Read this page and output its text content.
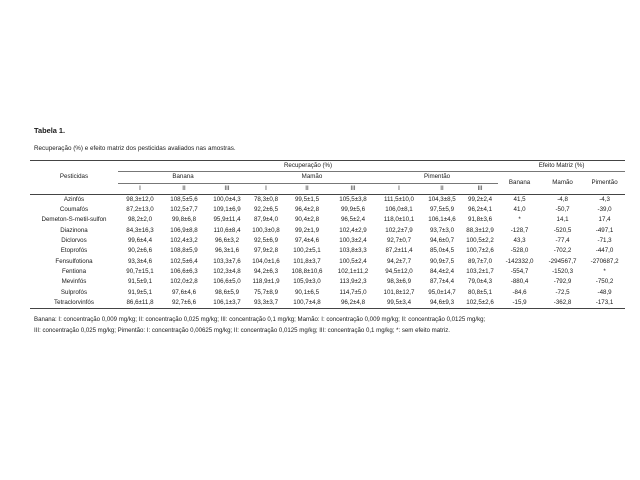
Tabela 1.
Recuperação (%) e efeito matriz dos pesticidas avaliados nas amostras.
Pesticidas	Recuperação (%)									Efeito Matriz (%)		
	Banana			Mamão			Pimentão			Banana	Mamão	Pimentão
	I	II	III	I	II	III	I	II	III			
Azinfós	98,3±12,0	108,5±5,6	100,0±4,3	78,3±0,8	99,5±1,5	105,5±3,8	111,5±10,0	104,3±8,5	99,2±2,4	41,5	-4,8	-4,3
Coumafós	87,2±13,0	102,5±7,7	109,1±6,9	92,2±6,5	96,4±2,8	99,9±5,6	106,0±8,1	97,5±5,9	96,2±4,1	41,0	-50,7	-39,0
Demeton-S-metil-sulfon	98,2±2,0	99,8±6,8	95,9±11,4	87,9±4,0	90,4±2,8	96,5±2,4	118,0±10,1	106,1±4,6	91,8±3,6	*	14,1	17,4
Diazinona	84,3±16,3	106,9±8,8	110,6±8,4	100,3±0,8	99,2±1,9	102,4±2,9	102,2±7,9	93,7±3,0	88,3±12,9	-128,7	-520,5	-497,1
Diclorvos	99,6±4,4	102,4±3,2	96,6±3,2	92,5±6,9	97,4±4,6	100,3±2,4	92,7±0,7	94,6±0,7	100,5±2,2	43,3	-77,4	-71,3
Etoprofós	90,2±6,6	108,8±5,9	96,3±1,6	97,9±2,8	100,2±5,1	103,8±3,3	87,2±11,4	85,0±4,5	100,7±2,6	-528,0	-702,2	-447,0
Fensulfotiona	93,3±4,6	102,5±6,4	103,3±7,6	104,0±1,6	101,8±3,7	100,5±2,4	94,2±7,7	90,9±7,5	89,7±7,0	-142332,0	-294567,7	-270687,2
Fentiona	90,7±15,1	106,6±6,3	102,3±4,8	94,2±6,3	108,8±10,6	102,1±11,2	94,5±12,0	84,4±2,4	103,2±1,7	-554,7	-1520,3	*
Mevinfós	91,5±9,1	102,0±2,8	106,6±5,0	118,9±1,9	105,9±3,0	113,9±2,3	98,3±6,9	87,7±4,4	79,0±4,3	-880,4	-792,9	-750,2
Sulprofós	91,9±5,1	97,6±4,6	98,6±5,9	75,7±8,9	90,1±6,5	114,7±5,0	101,8±12,7	95,0±14,7	80,8±5,1	-84,6	-72,5	-48,9
Tetraclorvinfós	86,6±11,8	92,7±6,6	106,1±3,7	93,3±3,7	100,7±4,8	96,2±4,8	99,5±3,4	94,6±9,3	102,5±2,6	-15,9	-362,8	-173,1
Banana: I: concentração 0,009 mg/kg; II: concentração 0,025 mg/kg; III: concentração 0,1 mg/kg; Mamão: I: concentração 0,009 mg/kg; II: concentração 0,0125 mg/kg;
III: concentração 0,025 mg/kg; Pimentão: I: concentração 0,00625 mg/kg; II: concentração 0,0125 mg/kg; III: concentração 0,1 mg/kg; *: sem efeito matriz.
